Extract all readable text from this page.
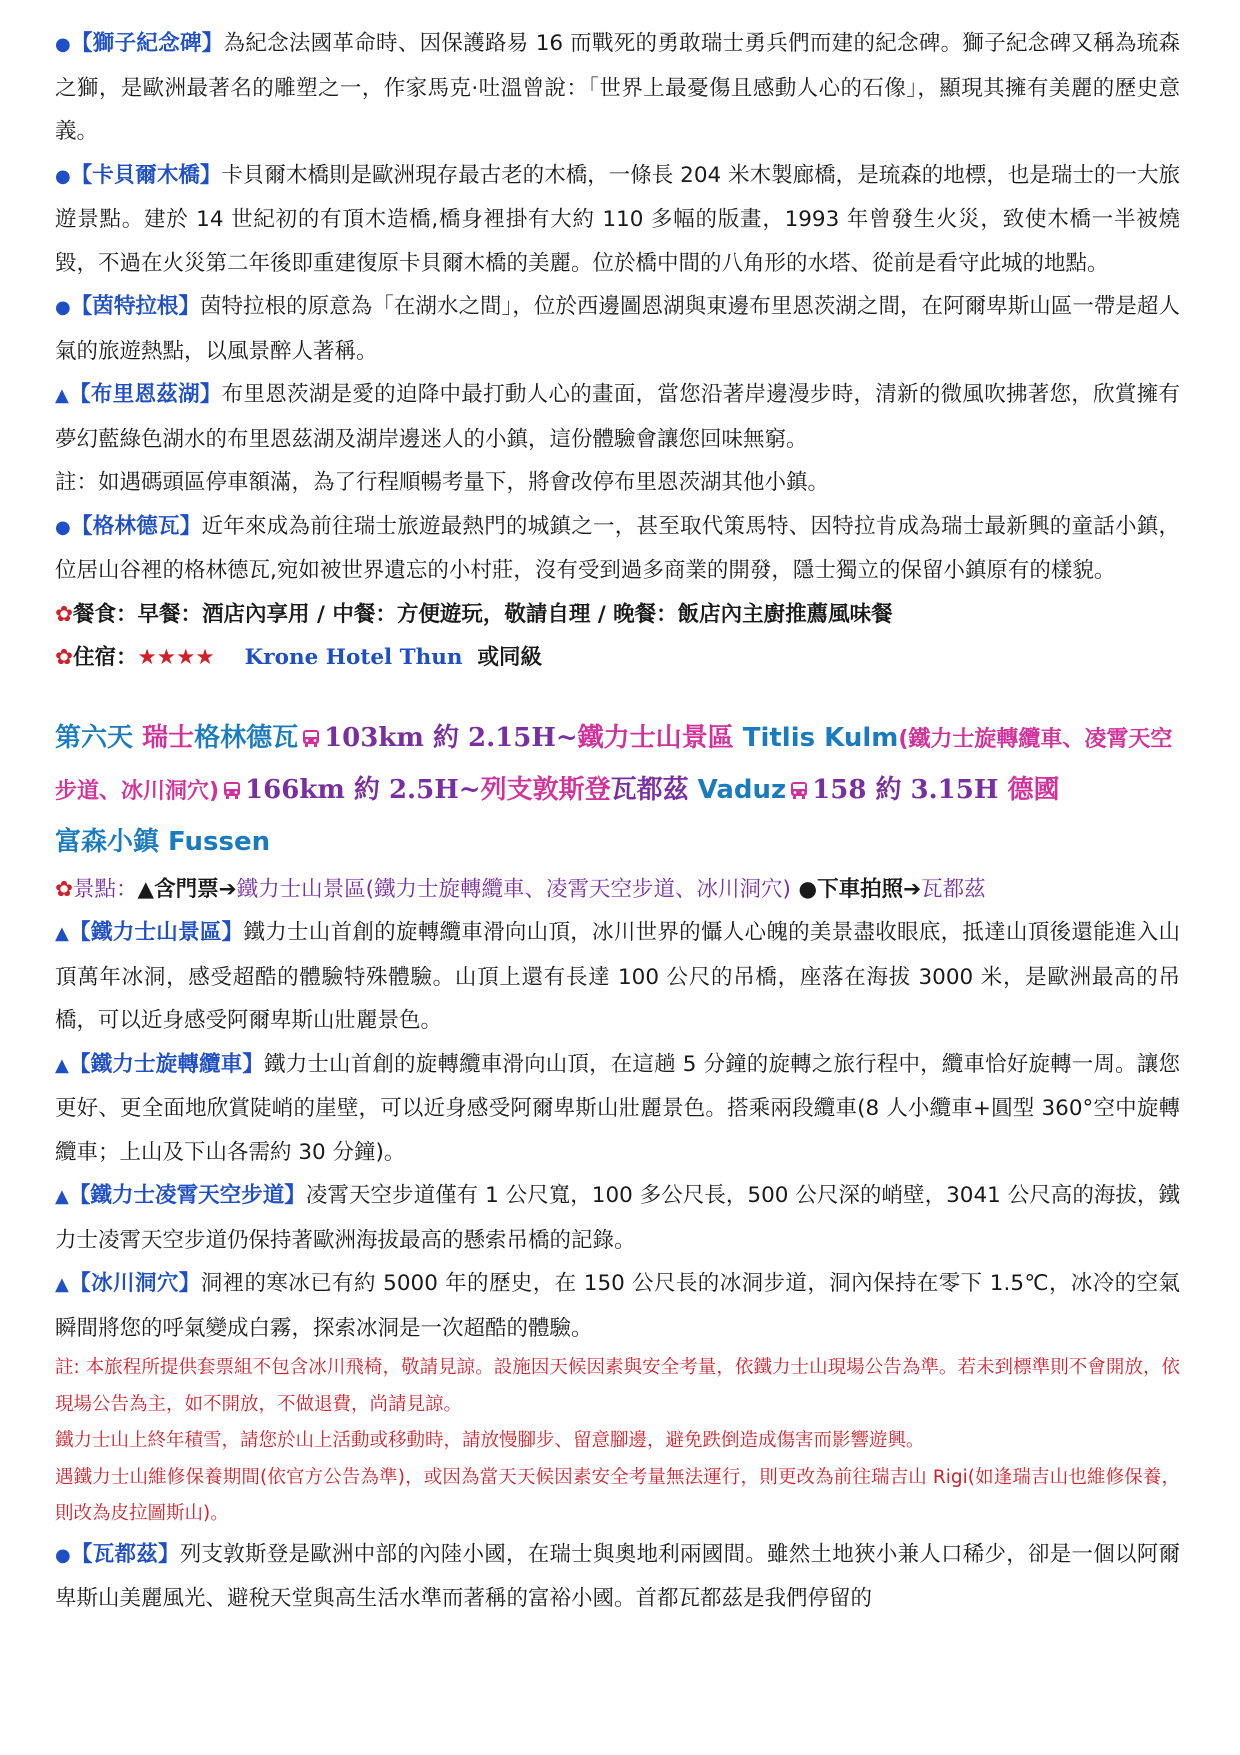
●【獅子紀念碑】為紀念法國革命時、因保護路易 16 而戰死的勇敢瑞士勇兵們而建的紀念碑。獅子紀念碑又稱為琉森之獅，是歐洲最著名的雕塑之一，作家馬克·吐溫曾說：「世界上最憂傷且感動人心的石像」，顯現其擁有美麗的歷史意義。

●【卡貝爾木橋】卡貝爾木橋則是歐洲現存最古老的木橋，一條長 204 米木製廊橋，是琉森的地標，也是瑞士的一大旅遊景點。建於 14 世紀初的有頂木造橋,橋身裡掛有大約 110 多幅的版畫，1993 年曾發生火災，致使木橋一半被燒毀，不過在火災第二年後即重建復原卡貝爾木橋的美麗。位於橋中間的八角形的水塔、從前是看守此城的地點。

●【茵特拉根】茵特拉根的原意為「在湖水之間」，位於西邊圖恩湖與東邊布里恩茨湖之間，在阿爾卑斯山區一帶是超人氣的旅遊熱點，以風景醉人著稱。

▲【布里恩茲湖】布里恩茨湖是愛的迫降中最打動人心的畫面，當您沿著岸邊漫步時，清新的微風吹拂著您，欣賞擁有夢幻藍綠色湖水的布里恩茲湖及湖岸邊迷人的小鎮，這份體驗會讓您回味無窮。

註：如遇碼頭區停車額滿，為了行程順暢考量下，將會改停布里恩茨湖其他小鎮。

●【格林德瓦】近年來成為前往瑞士旅遊最熱門的城鎮之一，甚至取代策馬特、因特拉肯成為瑞士最新興的童話小鎮，位居山谷裡的格林德瓦,宛如被世界遺忘的小村莊，沒有受到過多商業的開發，隱士獨立的保留小鎮原有的樣貌。

✿餐食：早餐：酒店內享用 / 中餐：方便遊玩，敬請自理 / 晚餐：飯店內主廚推薦風味餐

✿住宿：★★★★ Krone Hotel Thun 或同級

第六天 瑞士格林德瓦 103km 約 2.15H~鐵力士山景區 Titlis Kulm(鐵力士旋轉纜車、凌霄天空步道、冰川洞穴) 166km 約 2.5H~列支敦斯登瓦都茲 Vaduz 158 約 3.15H 德國
富森小鎮 Fussen

✿景點：▲含門票➔鐵力士山景區(鐵力士旋轉纜車、凌霄天空步道、冰川洞穴) ●下車拍照➔瓦都茲

▲【鐵力士山景區】鐵力士山首創的旋轉纜車滑向山頂，冰川世界的懾人心魄的美景盡收眼底，抵達山頂後還能進入山頂萬年冰洞，感受超酷的體驗特殊體驗。山頂上還有長達 100 公尺的吊橋，座落在海拔 3000 米，是歐洲最高的吊橋，可以近身感受阿爾卑斯山壯麗景色。

▲【鐵力士旋轉纜車】鐵力士山首創的旋轉纜車滑向山頂，在這趟 5 分鐘的旋轉之旅行程中，纜車恰好旋轉一周。讓您更好、更全面地欣賞陡峭的崖壁，可以近身感受阿爾卑斯山壯麗景色。搭乘兩段纜車(8 人小纜車+圓型 360°空中旋轉纜車；上山及下山各需約 30 分鐘)。

▲【鐵力士凌霄天空步道】凌霄天空步道僅有 1 公尺寬，100 多公尺長，500 公尺深的峭壁，3041 公尺高的海拔，鐵力士凌霄天空步道仍保持著歐洲海拔最高的懸索吊橋的記錄。

▲【冰川洞穴】洞裡的寒冰已有約 5000 年的歷史，在 150 公尺長的冰洞步道，洞內保持在零下 1.5℃，冰冷的空氣瞬間將您的呼氣變成白霧，探索冰洞是一次超酷的體驗。

註: 本旅程所提供套票組不包含冰川飛椅，敬請見諒。設施因天候因素與安全考量，依鐵力士山現場公告為準。若未到標準則不會開放，依現場公告為主，如不開放，不做退費，尚請見諒。

鐵力士山上終年積雪，請您於山上活動或移動時，請放慢腳步、留意腳邊，避免跌倒造成傷害而影響遊興。

遇鐵力士山維修保養期間(依官方公告為準)，或因為當天天候因素安全考量無法運行，則更改為前往瑞吉山 Rigi(如逢瑞吉山也維修保養，則改為皮拉圖斯山)。

●【瓦都茲】列支敦斯登是歐洲中部的內陸小國，在瑞士與奧地利兩國間。雖然土地狹小兼人口稀少，卻是一個以阿爾卑斯山美麗風光、避稅天堂與高生活水準而著稱的富裕小國。首都瓦都茲是我們停留的
